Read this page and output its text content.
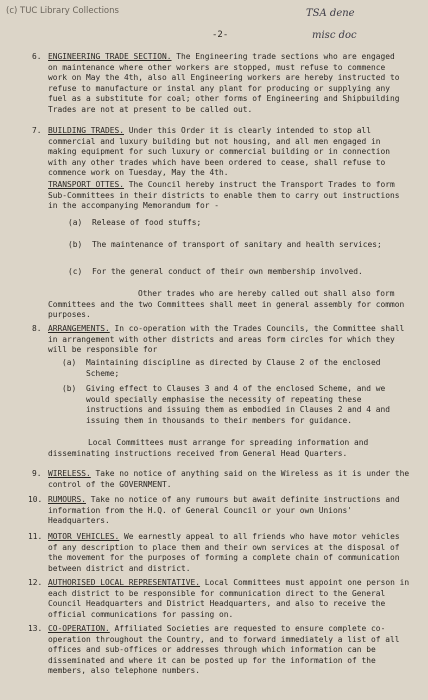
(c) TUC Library Collections
-2-
TSA dene
misc doc
6. ENGINEERING TRADE SECTION. The Engineering trade sections who are engaged on maintenance where other workers are stopped, must refuse to commence work on May the 4th, also all Engineering workers are hereby instructed to refuse to manufacture or instal any plant for producing or supplying any fuel as a substitute for coal; other forms of Engineering and Shipbuilding Trades are not at present to be called out.

7. BUILDING TRADES. Under this Order it is clearly intended to stop all commercial and luxury building but not housing, and all men engaged in making equipment for such luxury or commercial building or in connection with any other trades which have been ordered to cease, shall refuse to commence work on Tuesday, May the 4th.

TRANSPORT OTTES. The Council hereby instruct the Transport Trades to form Sub-Committees in their districts to enable them to carry out instructions in the accompanying Memorandum for -

(a) Release of food stuffs;

(b) The maintenance of transport of sanitary and health services;

(c) For the general conduct of their own membership involved.

Other trades who are hereby called out shall also form Committees and the two Committees shall meet in general assembly for common purposes.

8. ARRANGEMENTS. In co-operation with the Trades Councils, the Committee shall in arrangement with other districts and areas form circles for which they will be responsible for

(a) Maintaining discipline as directed by Clause 2 of the enclosed Scheme;

(b) Giving effect to Clauses 3 and 4 of the enclosed Scheme, and we would specially emphasise the necessity of repeating these instructions and issuing them as embodied in Clauses 2 and 4 and issuing them in thousands to their members for guidance.

Local Committees must arrange for spreading information and disseminating instructions received from General Head Quarters.

9. WIRELESS. Take no notice of anything said on the Wireless as it is under the control of the GOVERNMENT.

10. RUMOURS. Take no notice of any rumours but await definite instructions and information from the H.Q. of General Council or your own Unions' Headquarters.

11. MOTOR VEHICLES. We earnestly appeal to all friends who have motor vehicles of any description to place them and their own services at the disposal of the movement for the purposes of forming a complete chain of communication between district and district.

12. AUTHORISED LOCAL REPRESENTATIVE. Local Committees must appoint one person in each district to be responsible for communication direct to the General Council Headquarters and District Headquarters, and also to receive the official communications for passing on.

13. CO-OPERATION. Affiliated Societies are requested to ensure complete co-operation throughout the Country, and to forward immediately a list of all offices and sub-offices or addresses through which information can be disseminated and where it can be posted up for the information of the members, also telephone numbers.
